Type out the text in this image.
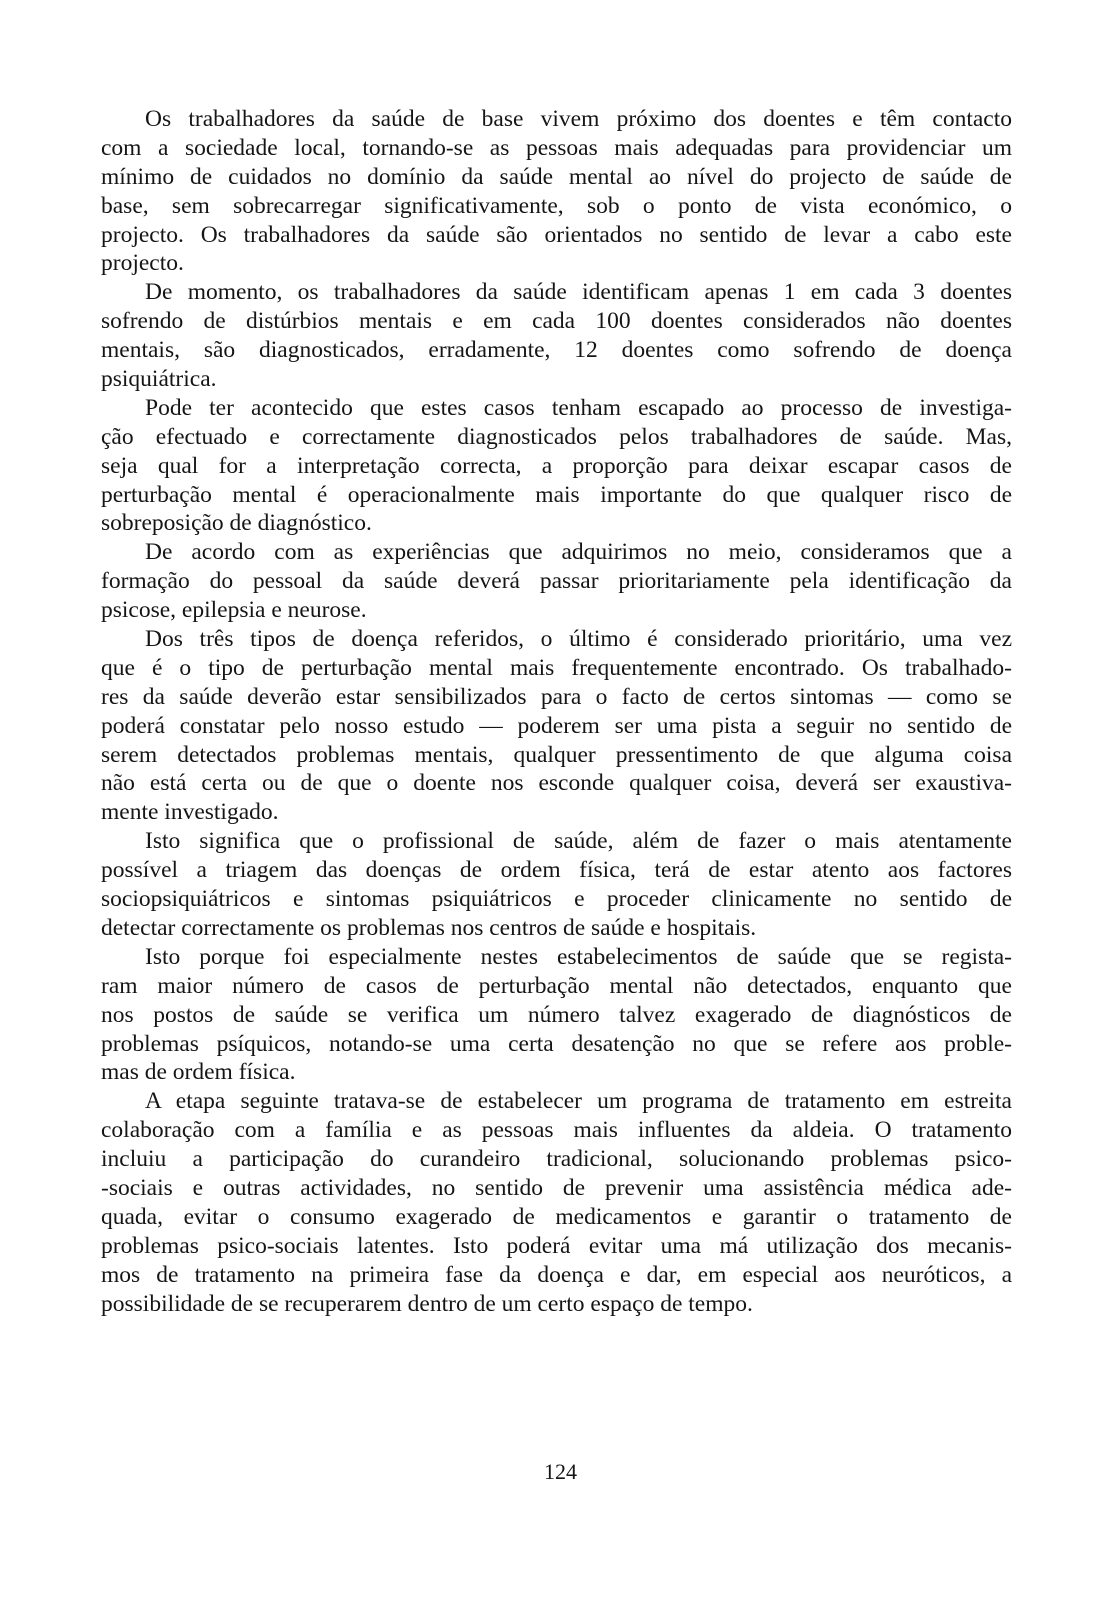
Os trabalhadores da saúde de base vivem próximo dos doentes e têm contacto
com a sociedade local, tornando-se as pessoas mais adequadas para providenciar um
mínimo de cuidados no domínio da saúde mental ao nível do projecto de saúde de
base, sem sobrecarregar significativamente, sob o ponto de vista económico, o
projecto. Os trabalhadores da saúde são orientados no sentido de levar a cabo este
projecto.
De momento, os trabalhadores da saúde identificam apenas 1 em cada 3 doentes
sofrendo de distúrbios mentais e em cada 100 doentes considerados não doentes
mentais, são diagnosticados, erradamente, 12 doentes como sofrendo de doença
psiquiátrica.
Pode ter acontecido que estes casos tenham escapado ao processo de investiga-
ção efectuado e correctamente diagnosticados pelos trabalhadores de saúde. Mas,
seja qual for a interpretação correcta, a proporção para deixar escapar casos de
perturbação mental é operacionalmente mais importante do que qualquer risco de
sobreposição de diagnóstico.
De acordo com as experiências que adquirimos no meio, consideramos que a
formação do pessoal da saúde deverá passar prioritariamente pela identificação da
psicose, epilepsia e neurose.
Dos três tipos de doença referidos, o último é considerado prioritário, uma vez
que é o tipo de perturbação mental mais frequentemente encontrado. Os trabalhado-
res da saúde deverão estar sensibilizados para o facto de certos sintomas — como se
poderá constatar pelo nosso estudo — poderem ser uma pista a seguir no sentido de
serem detectados problemas mentais, qualquer pressentimento de que alguma coisa
não está certa ou de que o doente nos esconde qualquer coisa, deverá ser exaustiva-
mente investigado.
Isto significa que o profissional de saúde, além de fazer o mais atentamente
possível a triagem das doenças de ordem física, terá de estar atento aos factores
sociopsiquiátricos e sintomas psiquiátricos e proceder clinicamente no sentido de
detectar correctamente os problemas nos centros de saúde e hospitais.
Isto porque foi especialmente nestes estabelecimentos de saúde que se regista-
ram maior número de casos de perturbação mental não detectados, enquanto que
nos postos de saúde se verifica um número talvez exagerado de diagnósticos de
problemas psíquicos, notando-se uma certa desatenção no que se refere aos proble-
mas de ordem física.
A etapa seguinte tratava-se de estabelecer um programa de tratamento em estreita
colaboração com a família e as pessoas mais influentes da aldeia. O tratamento
incluiu a participação do curandeiro tradicional, solucionando problemas psico-
-sociais e outras actividades, no sentido de prevenir uma assistência médica ade-
quada, evitar o consumo exagerado de medicamentos e garantir o tratamento de
problemas psico-sociais latentes. Isto poderá evitar uma má utilização dos mecanis-
mos de tratamento na primeira fase da doença e dar, em especial aos neuróticos, a
possibilidade de se recuperarem dentro de um certo espaço de tempo.
124
